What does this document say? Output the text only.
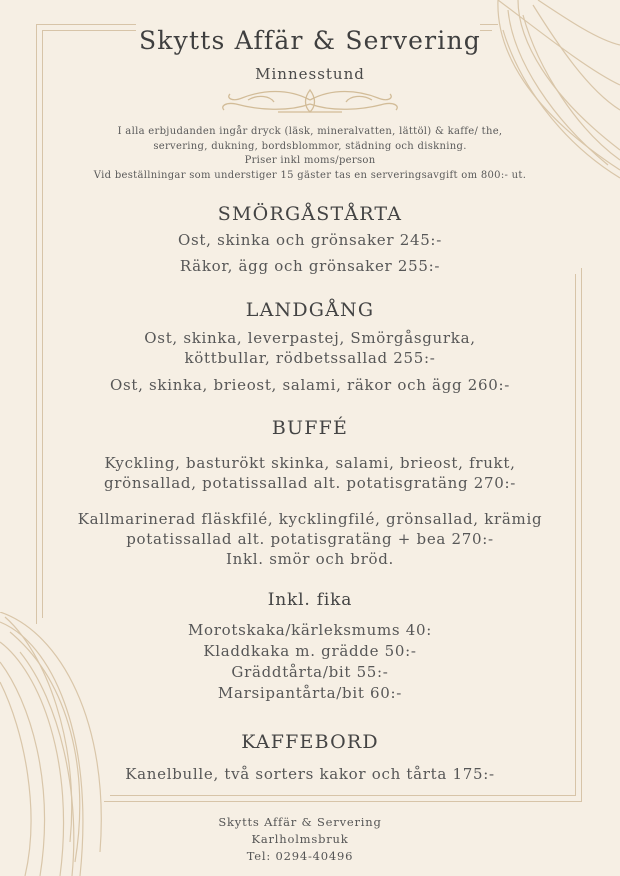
Skytts Affär & Servering
Minnesstund
I alla erbjudanden ingår dryck (läsk, mineralvatten, lättöl) & kaffe/ the,
servering, dukning, bordsblommor, städning och diskning.
Priser inkl moms/person
Vid beställningar som understiger 15 gäster tas en serveringsavgift om 800:- ut.
SMÖRGÅSTÅRTA
Ost, skinka och grönsaker 245:-
Räkor, ägg och grönsaker 255:-
LANDGÅNG
Ost, skinka, leverpastej, Smörgåsgurka,
köttbullar, rödbetssallad 255:-
Ost, skinka, brieost, salami, räkor och ägg 260:-
BUFFÉ
Kyckling, basturökt skinka, salami, brieost, frukt,
grönsallad, potatissallad alt. potatisgratäng 270:-
Kallmarinerad fläskfilé, kycklingfilé, grönsallad, krämig
potatissallad alt. potatisgratäng + bea 270:-
Inkl. smör och bröd.
Inkl. fika
Morotskaka/kärleksmums 40:
Kladdkaka m. grädde 50:-
Gräddtårta/bit 55:-
Marsipantårta/bit 60:-
KAFFEBORD
Kanelbulle, två sorters kakor och tårta 175:-
Skytts Affär & Servering
Karlholmsbruk
Tel: 0294-40496
